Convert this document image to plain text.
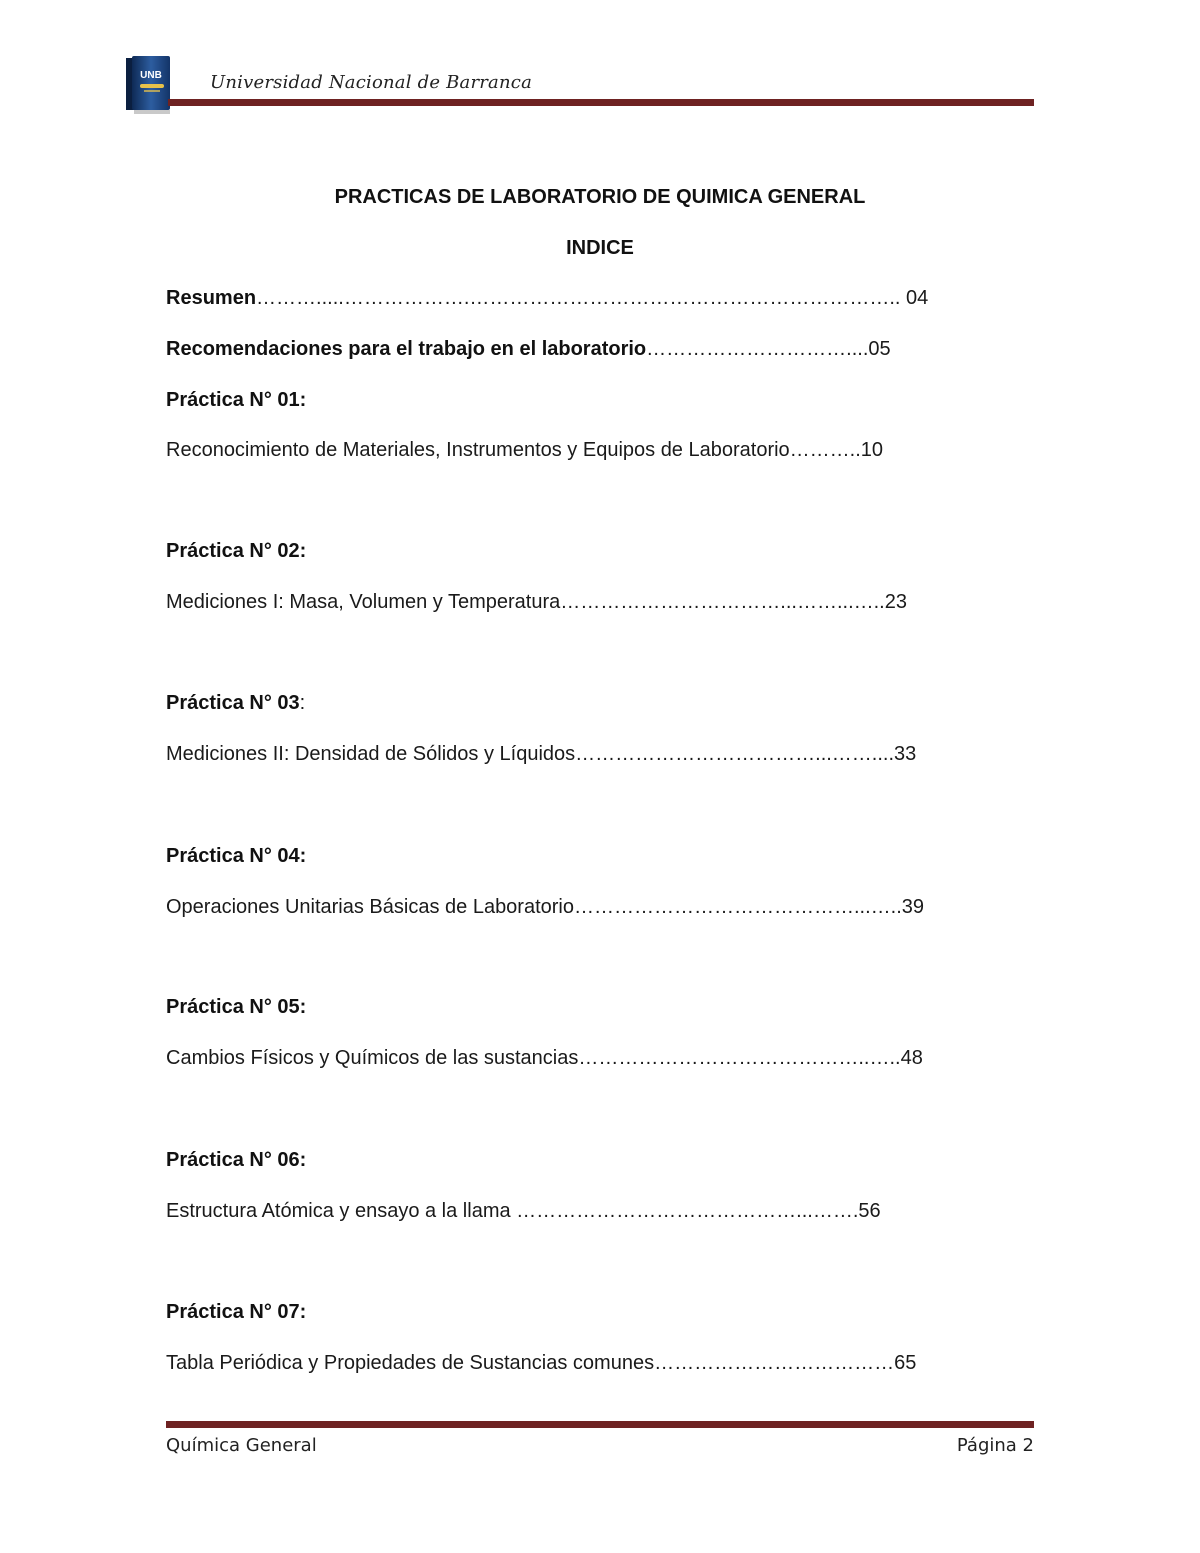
UNB	Universidad Nacional de Barranca
PRACTICAS DE LABORATORIO DE QUIMICA GENERAL
INDICE
Resumen……….....……………….……………………………………………………….. 04
Recomendaciones para el trabajo en el laboratorio…………………………....05
Práctica N° 01:
Reconocimiento de Materiales, Instrumentos y Equipos de Laboratorio………..10
Práctica N° 02:
Mediciones I: Masa, Volumen y Temperatura……………………………...……...…..23
Práctica N° 03:
Mediciones II: Densidad de Sólidos y Líquidos………………………………...……....33
Práctica N° 04:
Operaciones Unitarias Básicas de Laboratorio……………………………………...…..39
Práctica N° 05:
Cambios Físicos y Químicos de las sustancias……………………………………..…..48
Práctica N° 06:
Estructura Atómica y ensayo a la llama ……………………………………...…….56
Práctica N° 07:
Tabla Periódica y Propiedades de Sustancias comunes………………………………65
Química General	Página 2
